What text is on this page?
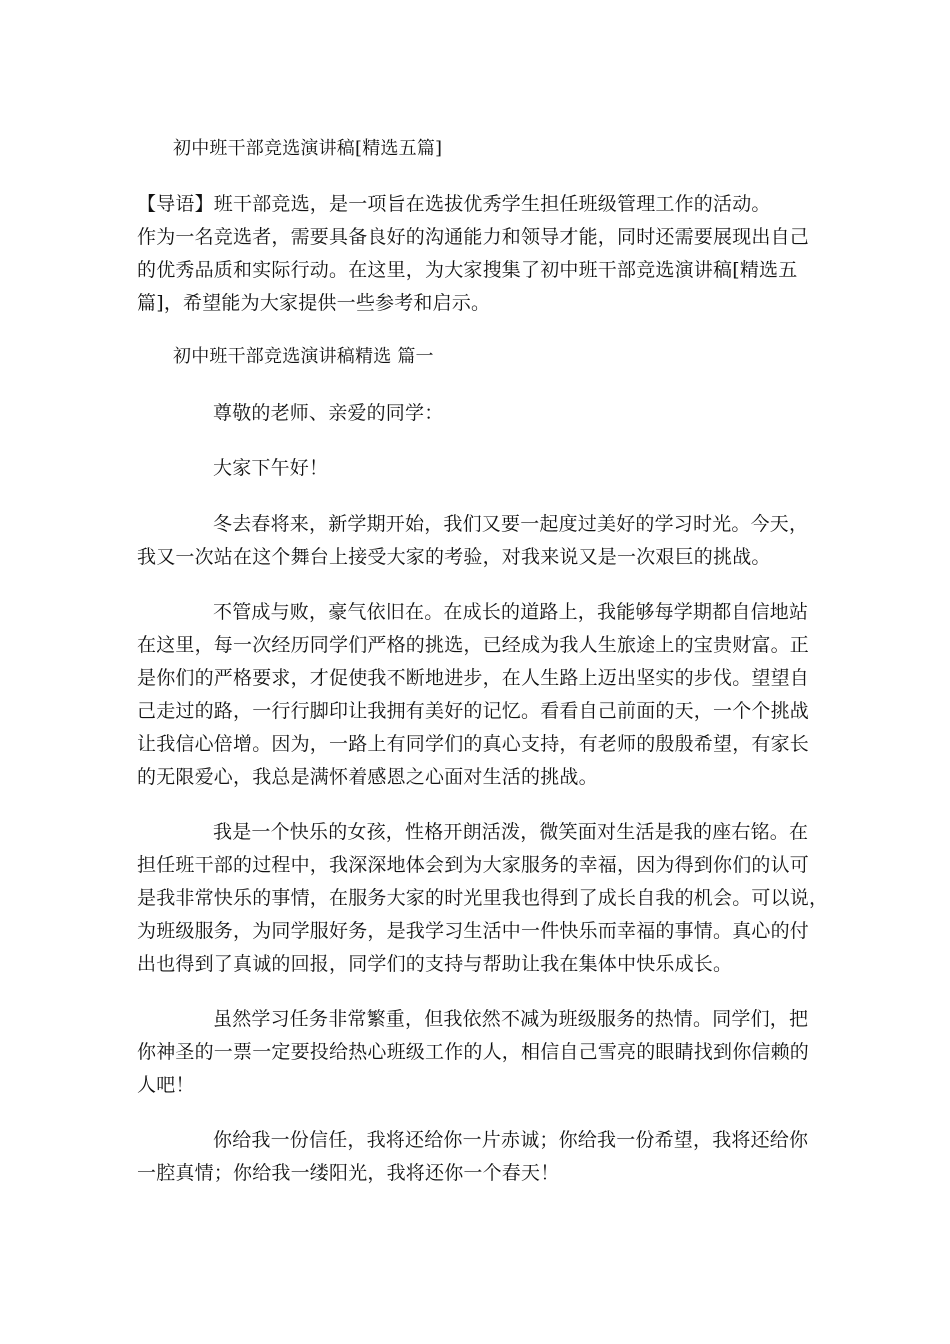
初中班干部竞选演讲稿[精选五篇]
【导语】班干部竞选，是一项旨在选拔优秀学生担任班级管理工作的活动。
作为一名竞选者，需要具备良好的沟通能力和领导才能，同时还需要展现出自己
的优秀品质和实际行动。在这里，为大家搜集了初中班干部竞选演讲稿[精选五
篇]，希望能为大家提供一些参考和启示。
初中班干部竞选演讲稿精选 篇一
尊敬的老师、亲爱的同学：
大家下午好！
冬去春将来，新学期开始，我们又要一起度过美好的学习时光。今天，
我又一次站在这个舞台上接受大家的考验，对我来说又是一次艰巨的挑战。
不管成与败，豪气依旧在。在成长的道路上，我能够每学期都自信地站
在这里，每一次经历同学们严格的挑选，已经成为我人生旅途上的宝贵财富。正
是你们的严格要求，才促使我不断地进步，在人生路上迈出坚实的步伐。望望自
己走过的路，一行行脚印让我拥有美好的记忆。看看自己前面的天，一个个挑战
让我信心倍增。因为，一路上有同学们的真心支持，有老师的殷殷希望，有家长
的无限爱心，我总是满怀着感恩之心面对生活的挑战。
我是一个快乐的女孩，性格开朗活泼，微笑面对生活是我的座右铭。在
担任班干部的过程中，我深深地体会到为大家服务的幸福，因为得到你们的认可
是我非常快乐的事情，在服务大家的时光里我也得到了成长自我的机会。可以说，
为班级服务，为同学服好务，是我学习生活中一件快乐而幸福的事情。真心的付
出也得到了真诚的回报，同学们的支持与帮助让我在集体中快乐成长。
虽然学习任务非常繁重，但我依然不减为班级服务的热情。同学们，把
你神圣的一票一定要投给热心班级工作的人，相信自己雪亮的眼睛找到你信赖的
人吧！
你给我一份信任，我将还给你一片赤诚；你给我一份希望，我将还给你
一腔真情；你给我一缕阳光，我将还你一个春天！
